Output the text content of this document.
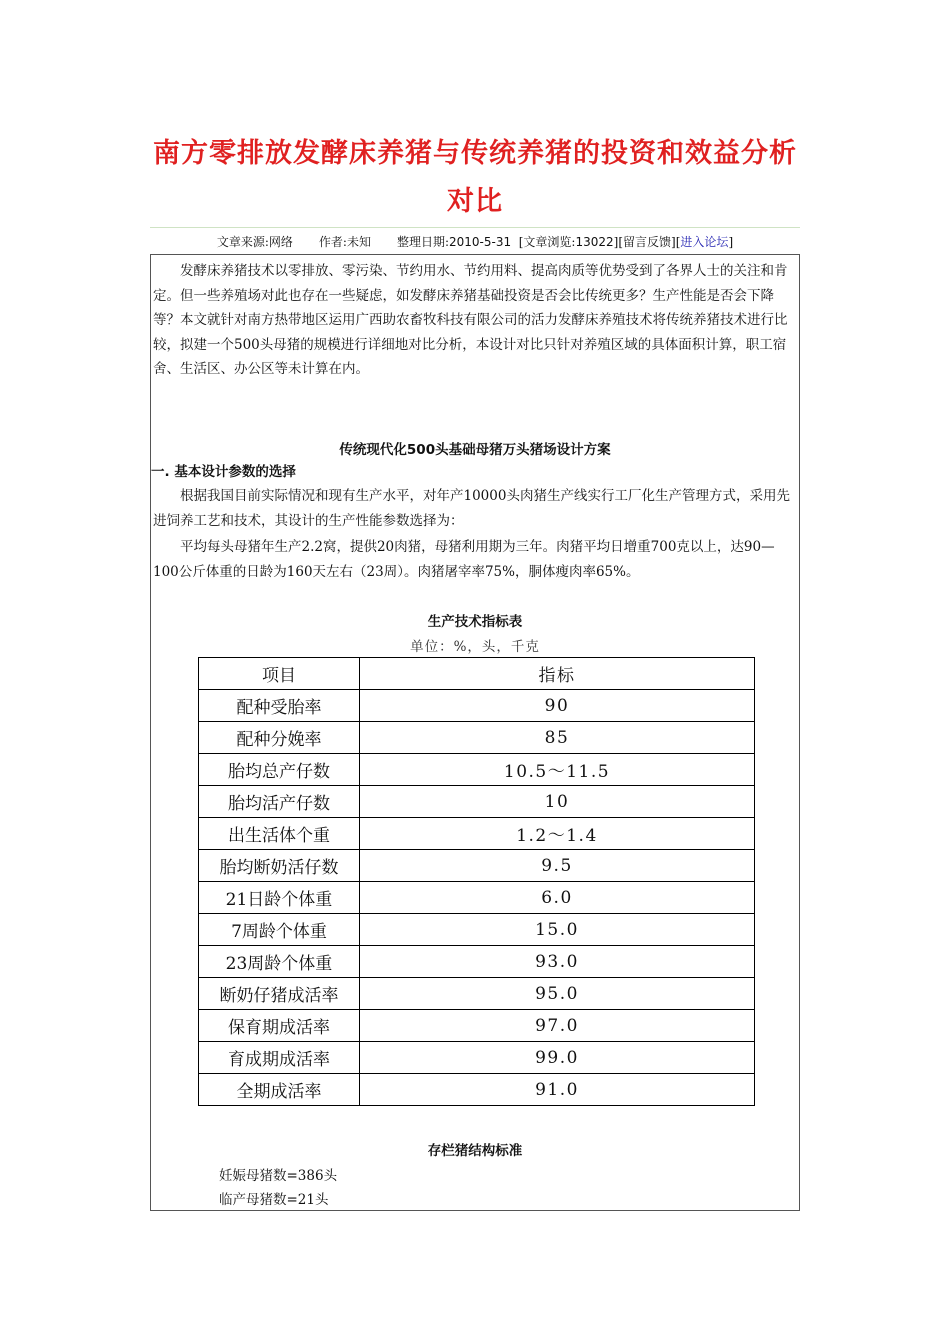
南方零排放发酵床养猪与传统养猪的投资和效益分析对比
文章来源:网络 作者:未知 整理日期:2010-5-31 [文章浏览:13022][留言反馈][进入论坛]

  发酵床养猪技术以零排放、零污染、节约用水、节约用料、提高肉质等优势受到了各界人士的关注和肯定。但一些养殖场对此也存在一些疑虑，如发酵床养猪基础投资是否会比传统更多？生产性能是否会下降等？本文就针对南方热带地区运用广西助农畜牧科技有限公司的活力发酵床养殖技术将传统养猪技术进行比较，拟建一个500头母猪的规模进行详细地对比分析，本设计对比只针对养殖区域的具体面积计算，职工宿舍、生活区、办公区等未计算在内。

传统现代化500头基础母猪万头猪场设计方案
一. 基本设计参数的选择

  根据我国目前实际情况和现有生产水平，对年产10000头肉猪生产线实行工厂化生产管理方式，采用先进饲养工艺和技术，其设计的生产性能参数选择为：

  平均每头母猪年生产2.2窝，提供20肉猪，母猪利用期为三年。肉猪平均日增重700克以上，达90—100公斤体重的日龄为160天左右（23周）。肉猪屠宰率75%，胴体瘦肉率65%。

生产技术指标表
单位：%，头，千克
项目	指标
配种受胎率	90
配种分娩率	85
胎均总产仔数	10.5～11.5
胎均活产仔数	10
出生活体个重	1.2～1.4
胎均断奶活仔数	9.5
21日龄个体重	6.0
7周龄个体重	15.0
23周龄个体重	93.0
断奶仔猪成活率	95.0
保育期成活率	97.0
育成期成活率	99.0
全期成活率	91.0
存栏猪结构标准
妊娠母猪数=386头
临产母猪数=21头
